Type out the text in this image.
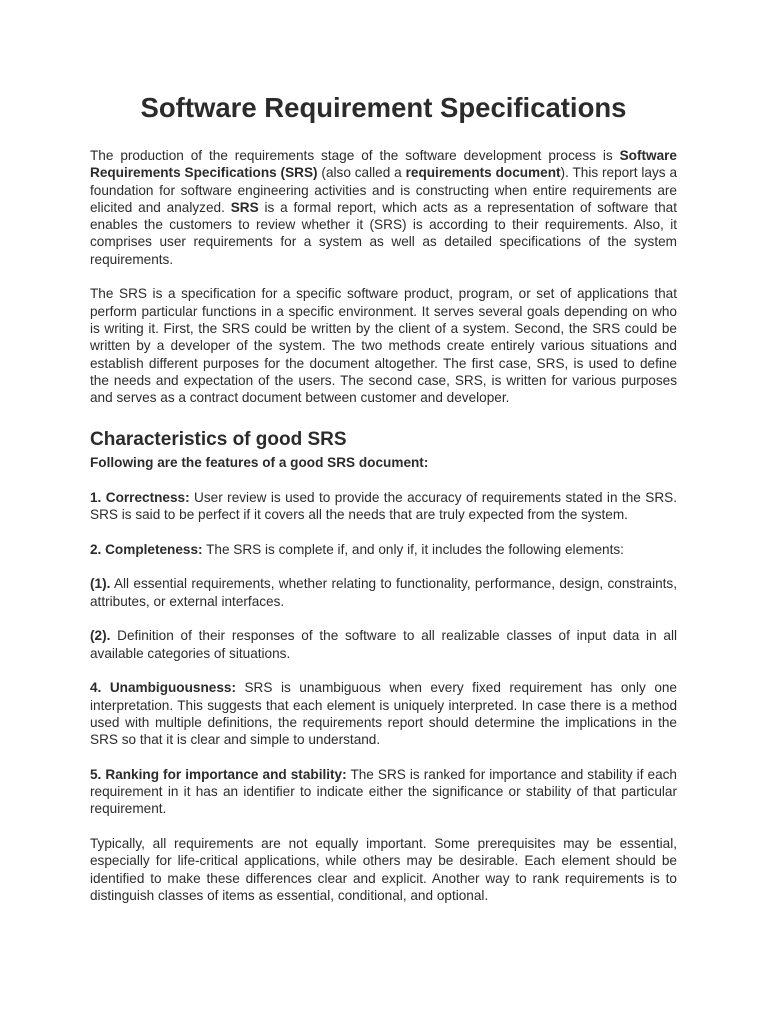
Software Requirement Specifications

The production of the requirements stage of the software development process is Software Requirements Specifications (SRS) (also called a requirements document). This report lays a foundation for software engineering activities and is constructing when entire requirements are elicited and analyzed. SRS is a formal report, which acts as a representation of software that enables the customers to review whether it (SRS) is according to their requirements. Also, it comprises user requirements for a system as well as detailed specifications of the system requirements.

The SRS is a specification for a specific software product, program, or set of applications that perform particular functions in a specific environment. It serves several goals depending on who is writing it. First, the SRS could be written by the client of a system. Second, the SRS could be written by a developer of the system. The two methods create entirely various situations and establish different purposes for the document altogether. The first case, SRS, is used to define the needs and expectation of the users. The second case, SRS, is written for various purposes and serves as a contract document between customer and developer.

Characteristics of good SRS

Following are the features of a good SRS document:

1. Correctness: User review is used to provide the accuracy of requirements stated in the SRS. SRS is said to be perfect if it covers all the needs that are truly expected from the system.

2. Completeness: The SRS is complete if, and only if, it includes the following elements:

(1). All essential requirements, whether relating to functionality, performance, design, constraints, attributes, or external interfaces.

(2). Definition of their responses of the software to all realizable classes of input data in all available categories of situations.

4. Unambiguousness: SRS is unambiguous when every fixed requirement has only one interpretation. This suggests that each element is uniquely interpreted. In case there is a method used with multiple definitions, the requirements report should determine the implications in the SRS so that it is clear and simple to understand.

5. Ranking for importance and stability: The SRS is ranked for importance and stability if each requirement in it has an identifier to indicate either the significance or stability of that particular requirement.

Typically, all requirements are not equally important. Some prerequisites may be essential, especially for life-critical applications, while others may be desirable. Each element should be identified to make these differences clear and explicit. Another way to rank requirements is to distinguish classes of items as essential, conditional, and optional.
